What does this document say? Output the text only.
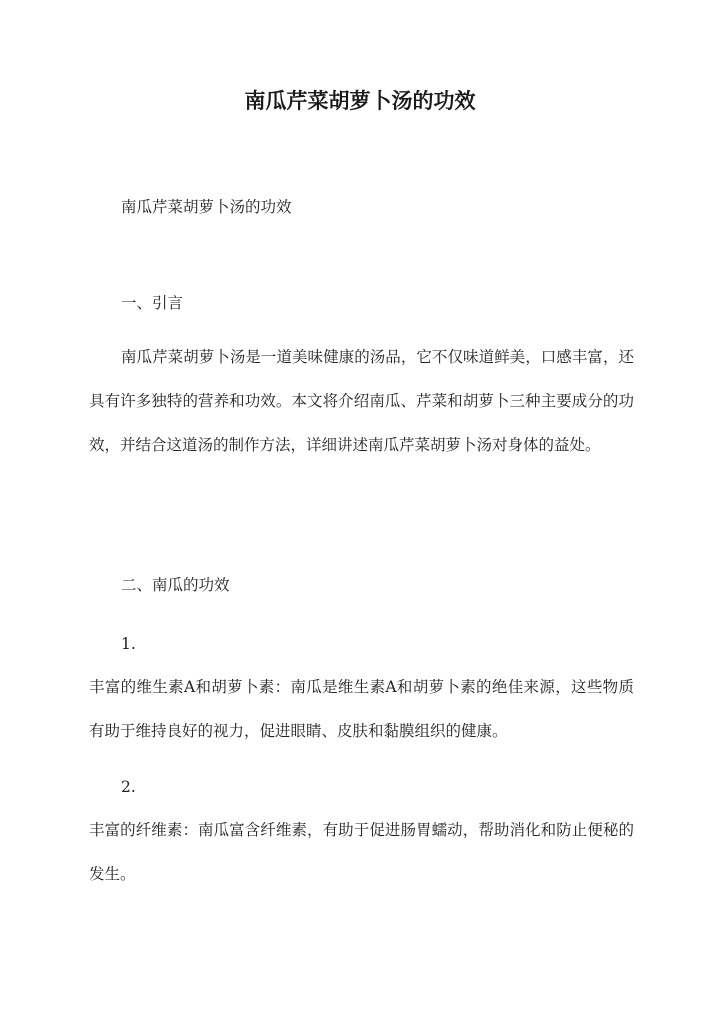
南瓜芹菜胡萝卜汤的功效
南瓜芹菜胡萝卜汤的功效
一、引言
南瓜芹菜胡萝卜汤是一道美味健康的汤品，它不仅味道鲜美，口感丰富，还具有许多独特的营养和功效。本文将介绍南瓜、芹菜和胡萝卜三种主要成分的功效，并结合这道汤的制作方法，详细讲述南瓜芹菜胡萝卜汤对身体的益处。
二、南瓜的功效
1.
丰富的维生素A和胡萝卜素：南瓜是维生素A和胡萝卜素的绝佳来源，这些物质有助于维持良好的视力，促进眼睛、皮肤和黏膜组织的健康。
2.
丰富的纤维素：南瓜富含纤维素，有助于促进肠胃蠕动，帮助消化和防止便秘的发生。
